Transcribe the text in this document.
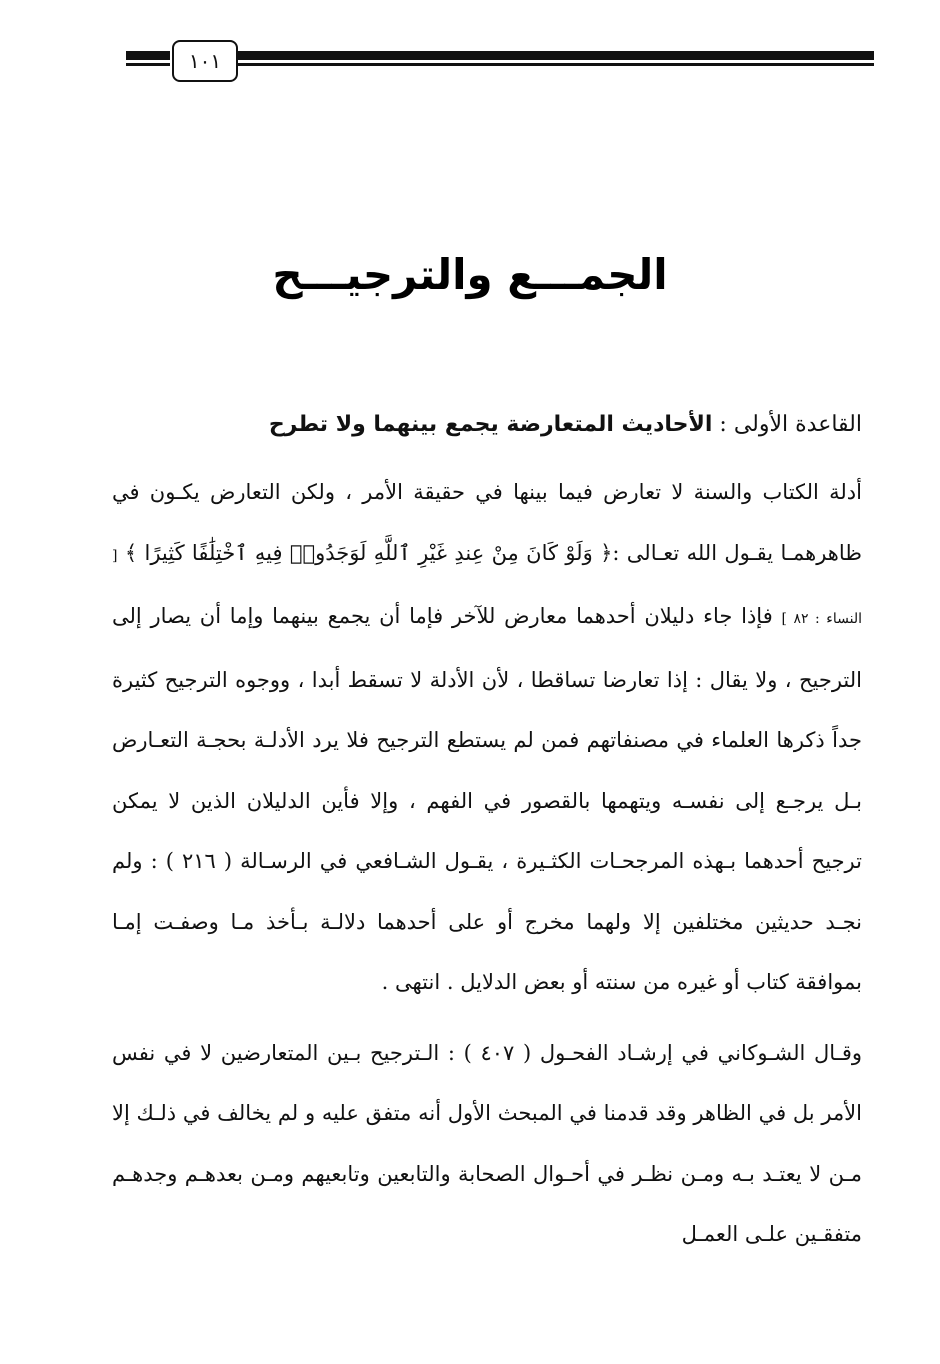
١٠١
الجمـــع والترجيـــح
القاعدة الأولى : الأحاديث المتعارضة يجمع بينهما ولا تطرح

أدلة الكتاب والسنة لا تعارض فيما بينها في حقيقة الأمر ، ولكن التعارض يكـون في ظاهرهمـا يقـول الله تعـالى :﴿ وَلَوْ كَانَ مِنْ عِندِ غَيْرِ ٱللَّهِ لَوَجَدُوا۟ فِيهِ ٱخْتِلَٰفًا كَثِيرًا ﴾ [ النساء : ٨٢ ] فإذا جاء دليلان أحدهما معارض للآخر فإما أن يجمع بينهما وإما أن يصار إلى الترجيح ، ولا يقال : إذا تعارضا تساقطا ، لأن الأدلة لا تسقط أبدا ، ووجوه الترجيح كثيرة جداً ذكرها العلماء في مصنفاتهم فمن لم يستطع الترجيح فلا يرد الأدلـة بحجـة التعـارض بـل يرجـع إلى نفسـه ويتهمها بالقصور في الفهم ، وإلا فأين الدليلان الذين لا يمكن ترجيح أحدهما بـهذه المرجحـات الكثـيرة ، يقـول الشـافعي في الرسـالة ( ٢١٦ ) : ولم نجـد حديثين مختلفين إلا ولهما مخرج أو على أحدهما دلالـة بـأخذ مـا وصفـت إمـا بموافقة كتاب أو غيره من سنته أو بعض الدلايل . انتهى .

وقـال الشـوكاني في إرشـاد الفحـول ( ٤٠٧ ) : الـترجيح بـين المتعارضين لا في نفس الأمر بل في الظاهر وقد قدمنا في المبحث الأول أنه متفق عليه و لم يخالف في ذلـك إلا مـن لا يعتـد بـه ومـن نظـر في أحـوال الصحابة والتابعين وتابعيهم ومـن بعدهـم وجدهـم متفقـين علـى العمـل
